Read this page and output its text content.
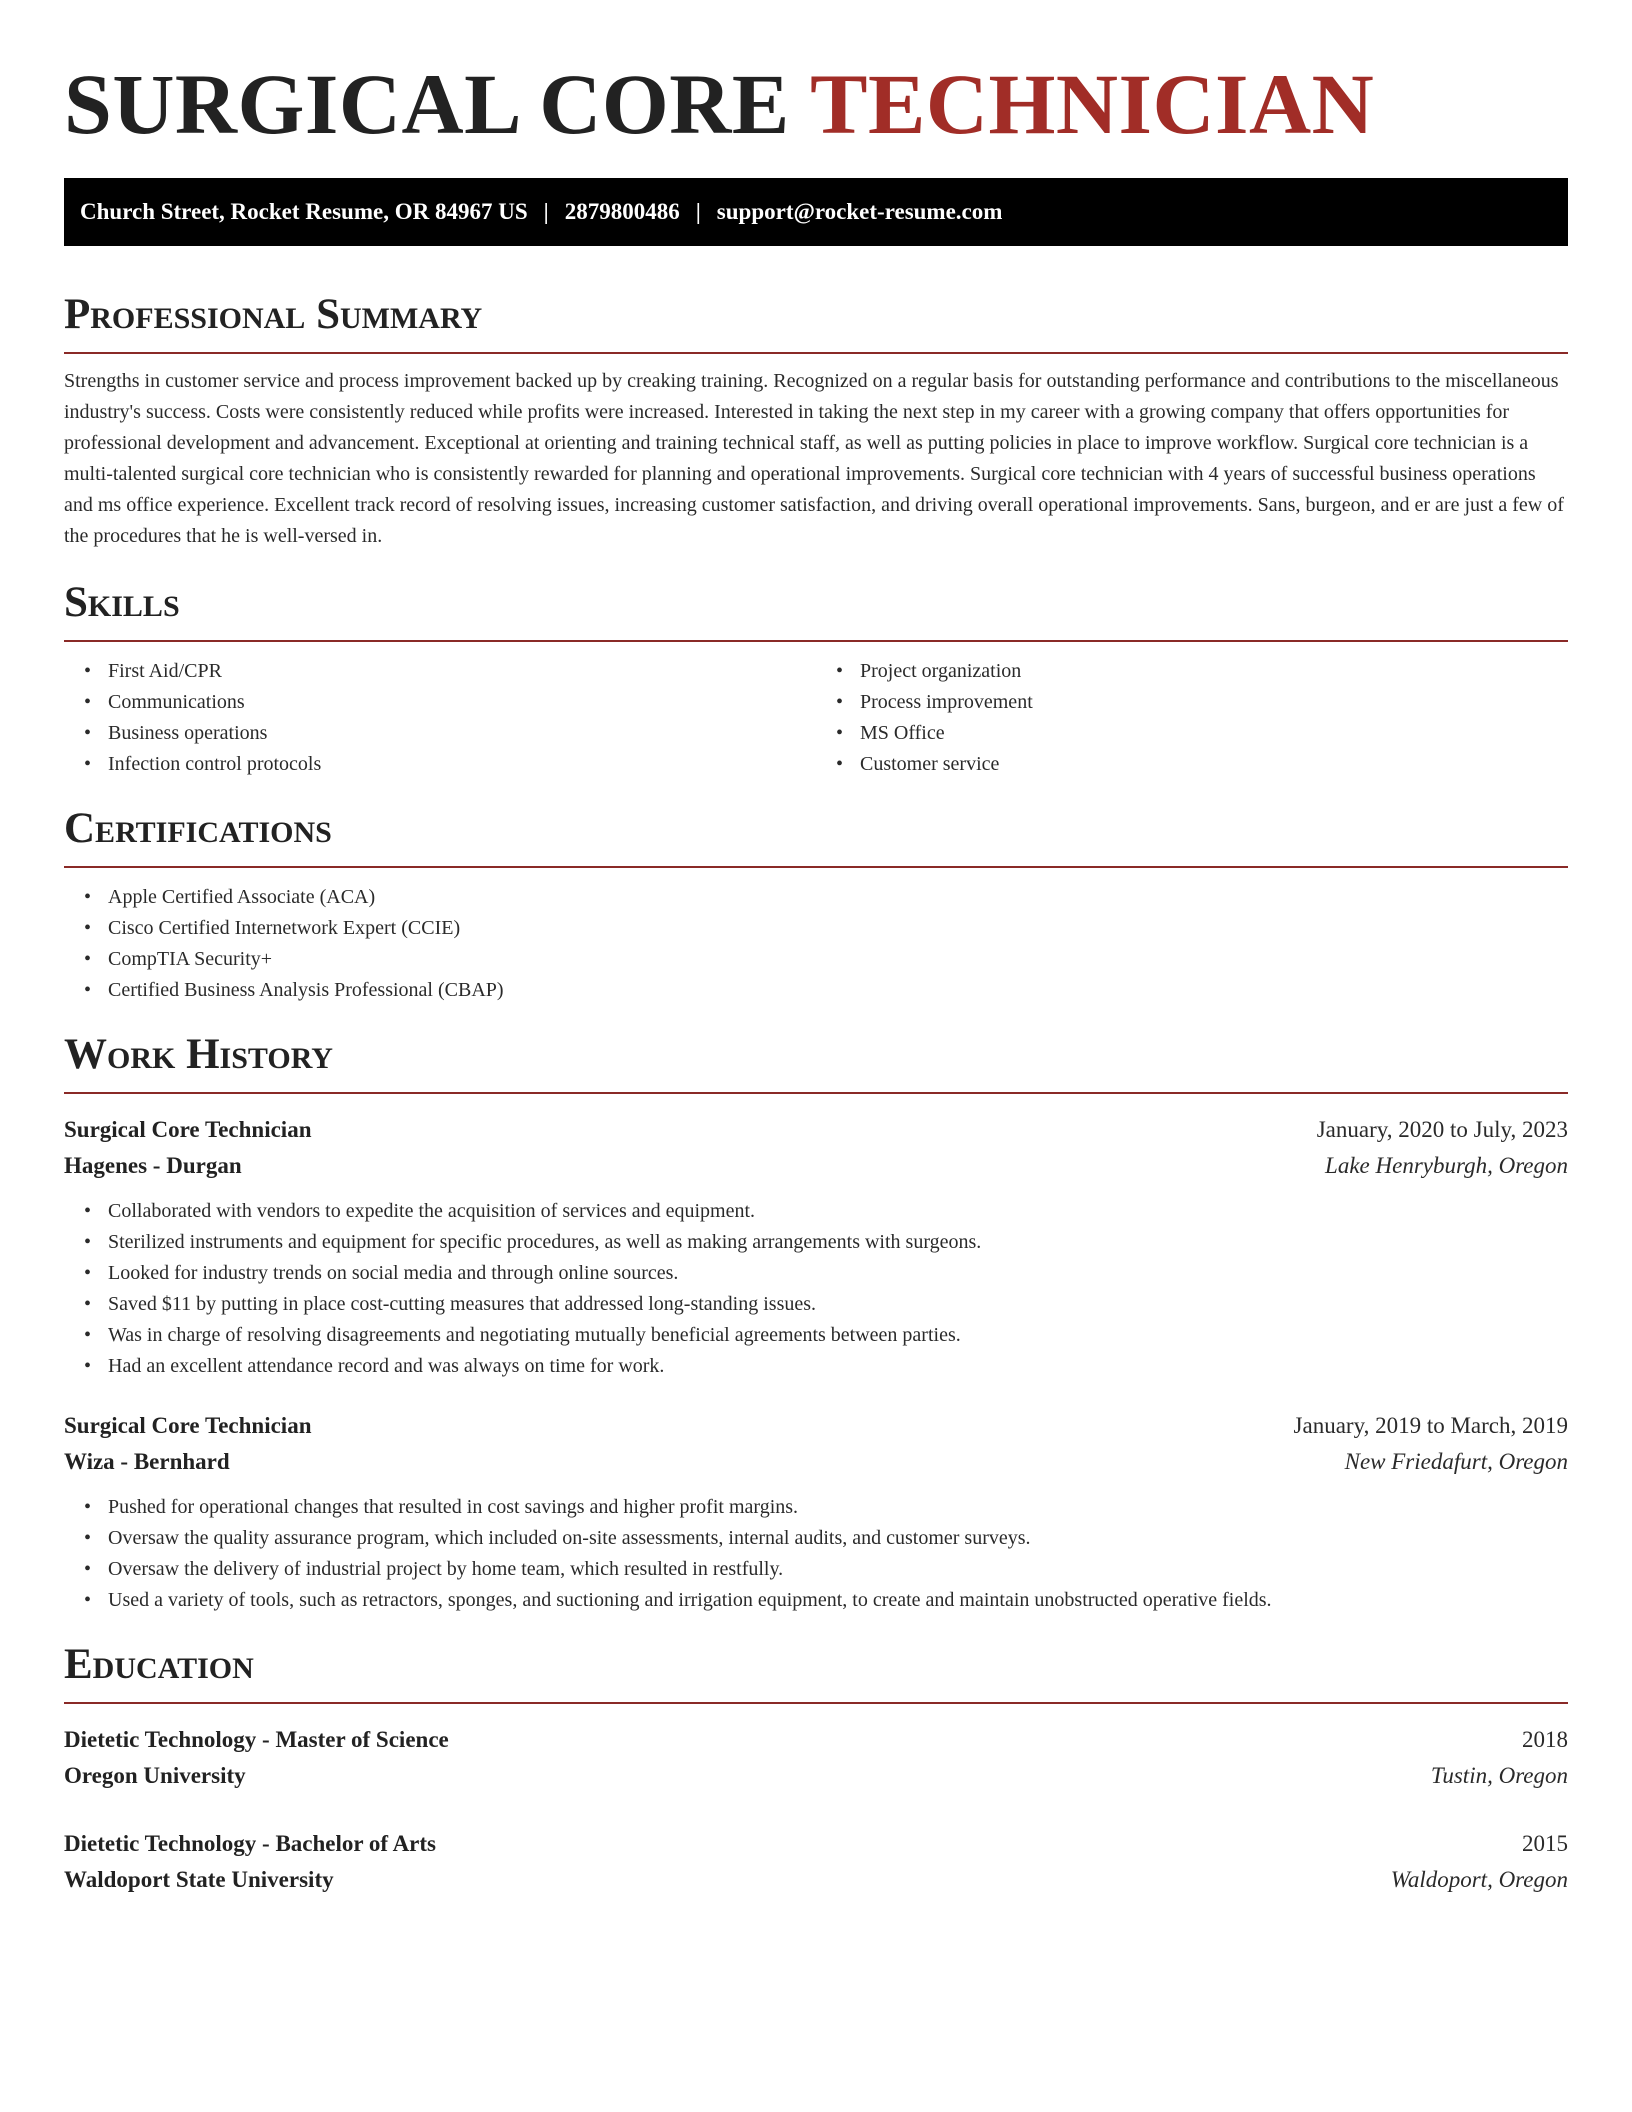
SURGICAL CORE TECHNICIAN
Church Street, Rocket Resume, OR 84967 US | 2879800486 | support@rocket-resume.com
Professional Summary

Strengths in customer service and process improvement backed up by creaking training. Recognized on a regular basis for outstanding performance and contributions to the miscellaneous industry's success. Costs were consistently reduced while profits were increased. Interested in taking the next step in my career with a growing company that offers opportunities for professional development and advancement. Exceptional at orienting and training technical staff, as well as putting policies in place to improve workflow. Surgical core technician is a multi-talented surgical core technician who is consistently rewarded for planning and operational improvements. Surgical core technician with 4 years of successful business operations and ms office experience. Excellent track record of resolving issues, increasing customer satisfaction, and driving overall operational improvements. Sans, burgeon, and er are just a few of the procedures that he is well-versed in.

Skills
• First Aid/CPR
• Communications
• Business operations
• Infection control protocols
• Project organization
• Process improvement
• MS Office
• Customer service
Certifications
• Apple Certified Associate (ACA)
• Cisco Certified Internetwork Expert (CCIE)
• CompTIA Security+
• Certified Business Analysis Professional (CBAP)
Work History
Surgical Core Technician	January, 2020 to July, 2023
Hagenes - Durgan	Lake Henryburgh, Oregon
• Collaborated with vendors to expedite the acquisition of services and equipment.
• Sterilized instruments and equipment for specific procedures, as well as making arrangements with surgeons.
• Looked for industry trends on social media and through online sources.
• Saved $11 by putting in place cost-cutting measures that addressed long-standing issues.
• Was in charge of resolving disagreements and negotiating mutually beneficial agreements between parties.
• Had an excellent attendance record and was always on time for work.
Surgical Core Technician	January, 2019 to March, 2019
Wiza - Bernhard	New Friedafurt, Oregon
• Pushed for operational changes that resulted in cost savings and higher profit margins.
• Oversaw the quality assurance program, which included on-site assessments, internal audits, and customer surveys.
• Oversaw the delivery of industrial project by home team, which resulted in restfully.
• Used a variety of tools, such as retractors, sponges, and suctioning and irrigation equipment, to create and maintain unobstructed operative fields.
Education
Dietetic Technology - Master of Science	2018
Oregon University	Tustin, Oregon
Dietetic Technology - Bachelor of Arts	2015
Waldoport State University	Waldoport, Oregon
